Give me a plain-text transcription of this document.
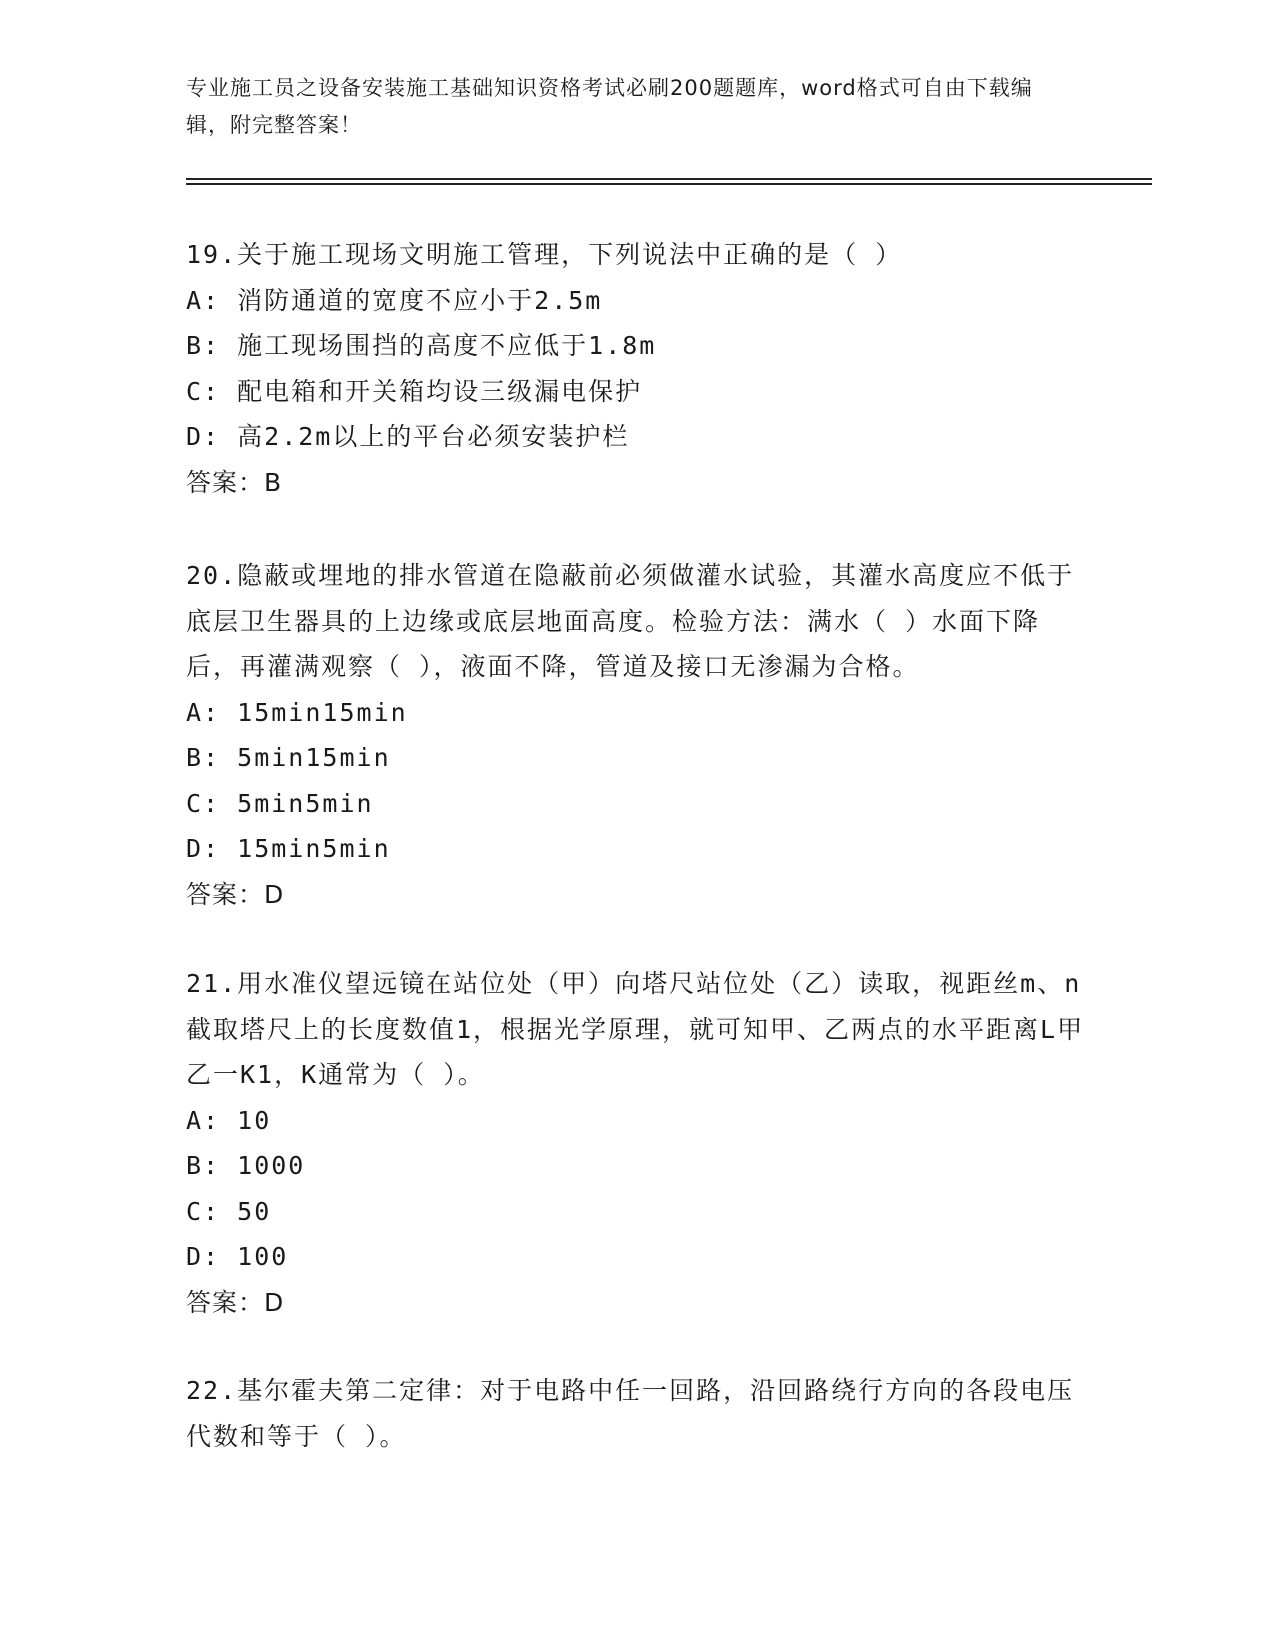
专业施工员之设备安装施工基础知识资格考试必刷200题题库，word格式可自由下载编辑，附完整答案！
19.关于施工现场文明施工管理，下列说法中正确的是（ ）
A: 消防通道的宽度不应小于2.5m
B: 施工现场围挡的高度不应低于1.8m
C: 配电箱和开关箱均设三级漏电保护
D: 高2.2m以上的平台必须安装护栏
答案：B
20.隐蔽或埋地的排水管道在隐蔽前必须做灌水试验，其灌水高度应不低于底层卫生器具的上边缘或底层地面高度。检验方法：满水（ ）水面下降后，再灌满观察（ ），液面不降，管道及接口无渗漏为合格。
A: 15min15min
B: 5min15min
C: 5min5min
D: 15min5min
答案：D
21.用水准仪望远镜在站位处（甲）向塔尺站位处（乙）读取，视距丝m、n截取塔尺上的长度数值1，根据光学原理，就可知甲、乙两点的水平距离L甲乙一K1，K通常为（ ）。
A: 10
B: 1000
C: 50
D: 100
答案：D
22.基尔霍夫第二定律：对于电路中任一回路，沿回路绕行方向的各段电压代数和等于（ ）。
